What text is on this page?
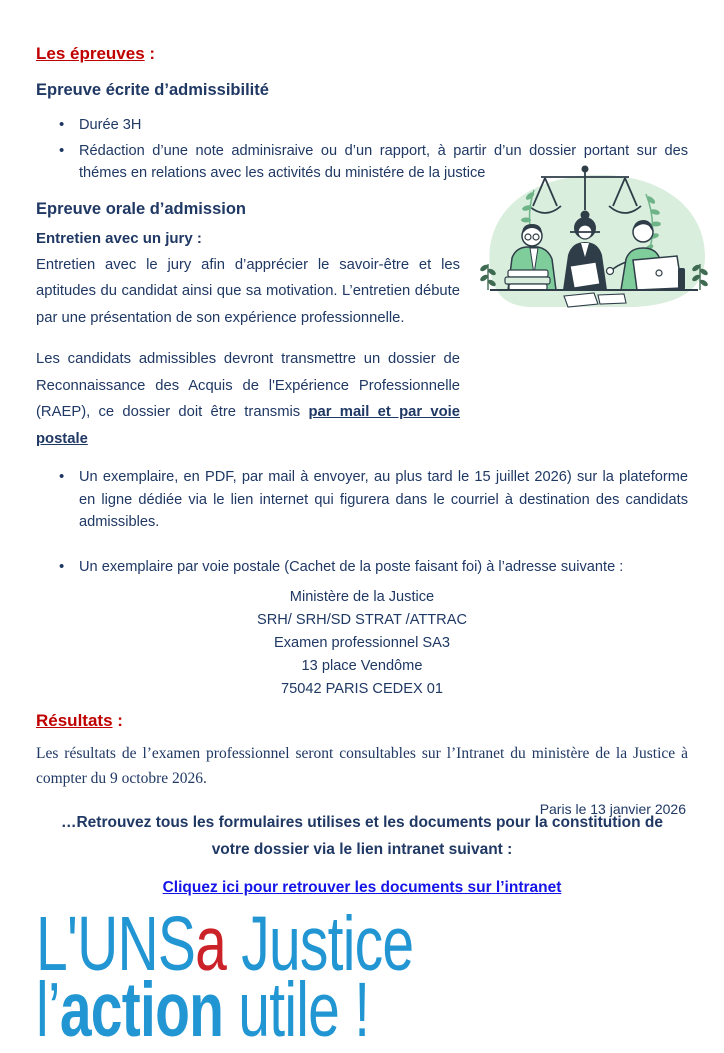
Les épreuves :
Epreuve écrite d’admissibilité
• Durée 3H
• Rédaction d’une note adminisraive ou d’un rapport, à partir d’un dossier portant sur des thémes en relations avec les activités du ministére de la justice
Epreuve orale d’admission
Entretien avec un jury :

Entretien avec le jury afin d’apprécier le savoir-être et les aptitudes du candidat ainsi que sa motivation. L’entretien débute par une présentation de son expérience professionnelle.

Les candidats admissibles devront transmettre un dossier de Reconnaissance des Acquis de l'Expérience Professionnelle (RAEP), ce dossier doit être transmis par mail et par voie postale

• Un exemplaire, en PDF, par mail à envoyer, au plus tard le 15 juillet 2026) sur la plateforme en ligne dédiée via le lien internet qui figurera dans le courriel à destination des candidats admissibles.
• Un exemplaire par voie postale (Cachet de la poste faisant foi) à l’adresse suivante :
Ministère de la Justice
SRH/ SRH/SD STRAT /ATTRAC
Examen professionnel SA3
13 place Vendôme
75042 PARIS CEDEX 01
Résultats :

Les résultats de l’examen professionnel seront consultables sur l’Intranet du ministère de la Justice à compter du 9 octobre 2026.

…Retrouvez tous les formulaires utilises et les documents pour la constitution de votre dossier via le lien intranet suivant :
Cliquez ici pour retrouver les documents sur l’intranet
L'UNSa Justice
l’action utile !
Paris le 13 janvier 2026
